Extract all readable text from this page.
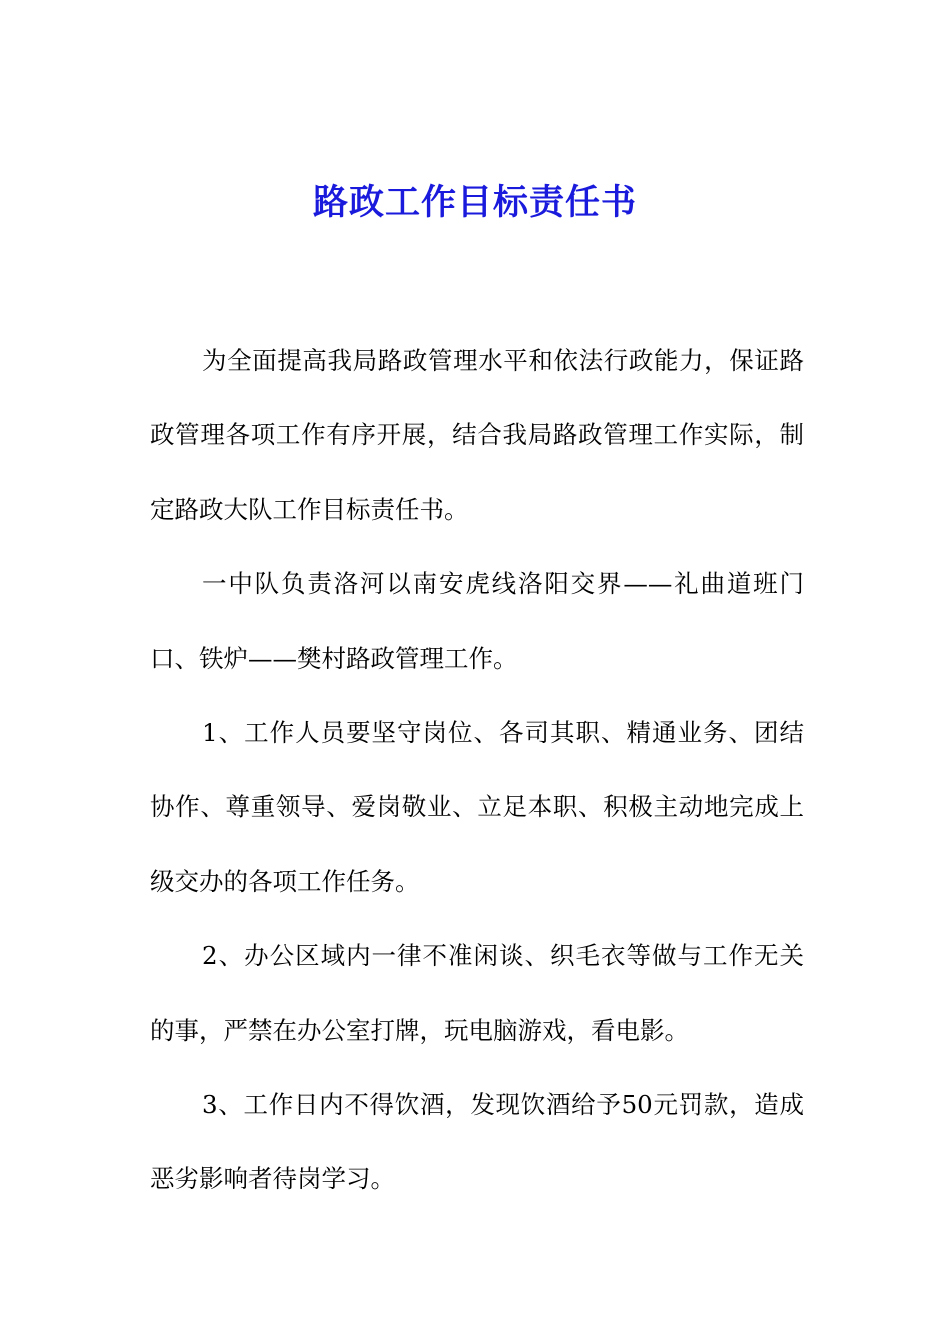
路政工作目标责任书

为全面提高我局路政管理水平和依法行政能力，保证路政管理各项工作有序开展，结合我局路政管理工作实际，制定路政大队工作目标责任书。

一中队负责洛河以南安虎线洛阳交界——礼曲道班门口、铁炉——樊村路政管理工作。

1、工作人员要坚守岗位、各司其职、精通业务、团结协作、尊重领导、爱岗敬业、立足本职、积极主动地完成上级交办的各项工作任务。

2、办公区域内一律不准闲谈、织毛衣等做与工作无关的事，严禁在办公室打牌，玩电脑游戏，看电影。

3、工作日内不得饮酒，发现饮酒给予50元罚款，造成恶劣影响者待岗学习。
